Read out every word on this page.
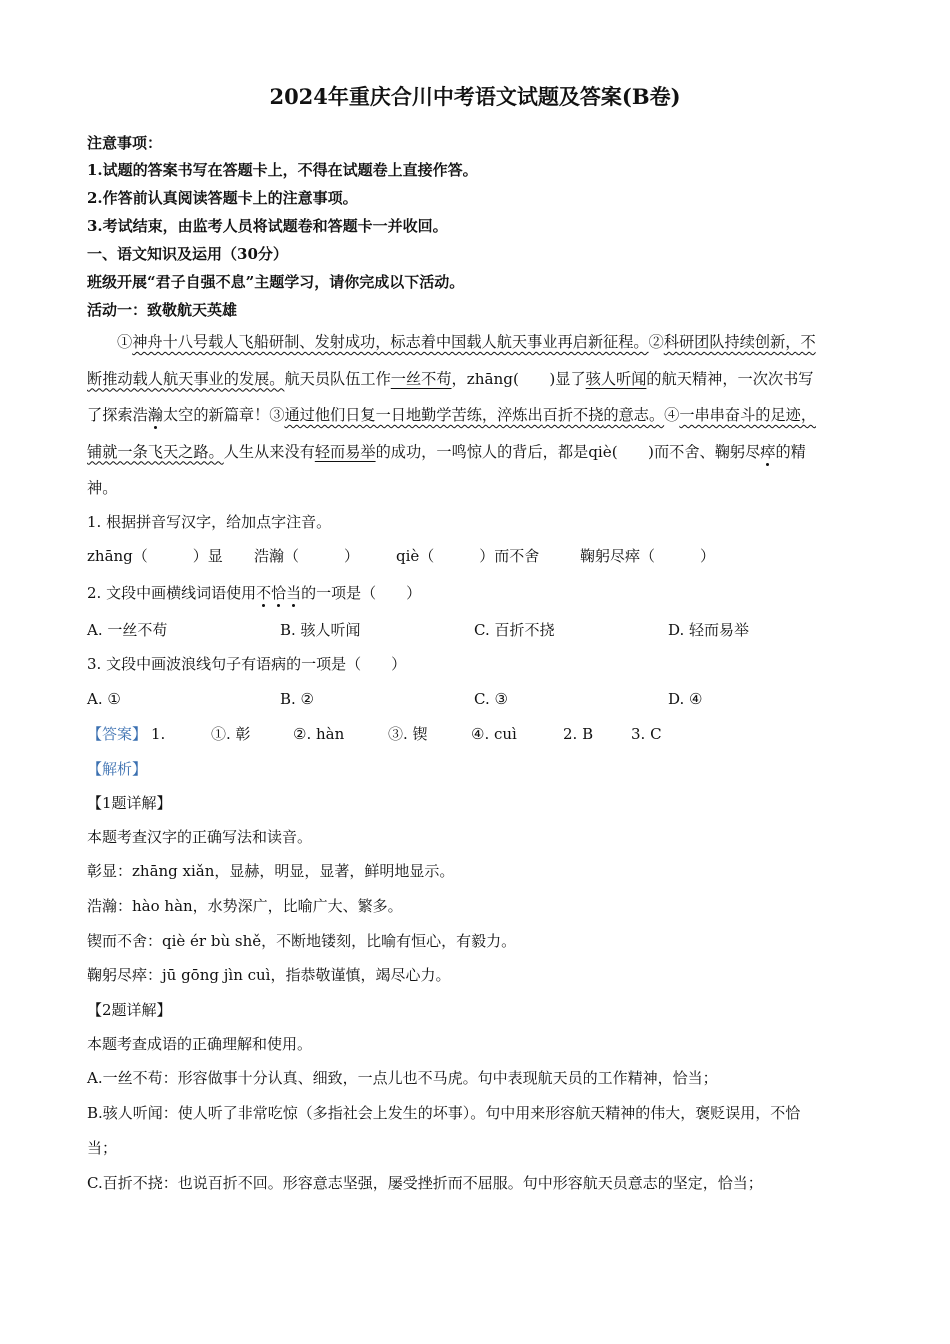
2024年重庆合川中考语文试题及答案(B卷)
注意事项：
1.试题的答案书写在答题卡上，不得在试题卷上直接作答。
2.作答前认真阅读答题卡上的注意事项。
3.考试结束，由监考人员将试题卷和答题卡一并收回。
一、语文知识及运用（30分）
班级开展“君子自强不息”主题学习，请你完成以下活动。
活动一：致敬航天英雄

①神舟十八号载人飞船研制、发射成功，标志着中国载人航天事业再启新征程。②科研团队持续创新，不

断推动载人航天事业的发展。航天员队伍工作一丝不苟，zhāng(　　)显了骇人听闻的航天精神，一次次书写

了探索浩瀚太空的新篇章！③通过他们日复一日地勤学苦练，淬炼出百折不挠的意志。④一串串奋斗的足迹，

铺就一条飞天之路。人生从来没有轻而易举的成功，一鸣惊人的背后，都是qiè(　　)而不舍、鞠躬尽瘁的精

神。

1. 根据拼音写汉字，给加点字注音。
zhāng（　　　）显 浩瀚（　　　） qiè（　　　）而不舍	鞠躬尽瘁（　　　）
2. 文段中画横线词语使用不恰当的一项是（　　）
A. 一丝不苟	B. 骇人听闻	C. 百折不挠	D. 轻而易举
3. 文段中画波浪线句子有语病的一项是（　　）
A. ①	B. ②	C. ③	D. ④
【答案】 1.	①. 彰	②. hàn	③. 锲	④. cuì	2. B	3. C
【解析】
【1题详解】
本题考查汉字的正确写法和读音。
彰显：zhāng xiǎn，显赫，明显，显著，鲜明地显示。
浩瀚：hào hàn，水势深广，比喻广大、繁多。
锲而不舍：qiè ér bù shě，不断地镂刻，比喻有恒心，有毅力。
鞠躬尽瘁：jū gōng jìn cuì，指恭敬谨慎，竭尽心力。
【2题详解】
本题考查成语的正确理解和使用。
A.一丝不苟：形容做事十分认真、细致，一点儿也不马虎。句中表现航天员的工作精神，恰当；
B.骇人听闻：使人听了非常吃惊（多指社会上发生的坏事）。句中用来形容航天精神的伟大，褒贬误用，不恰
当；
C.百折不挠：也说百折不回。形容意志坚强，屡受挫折而不屈服。句中形容航天员意志的坚定，恰当；
